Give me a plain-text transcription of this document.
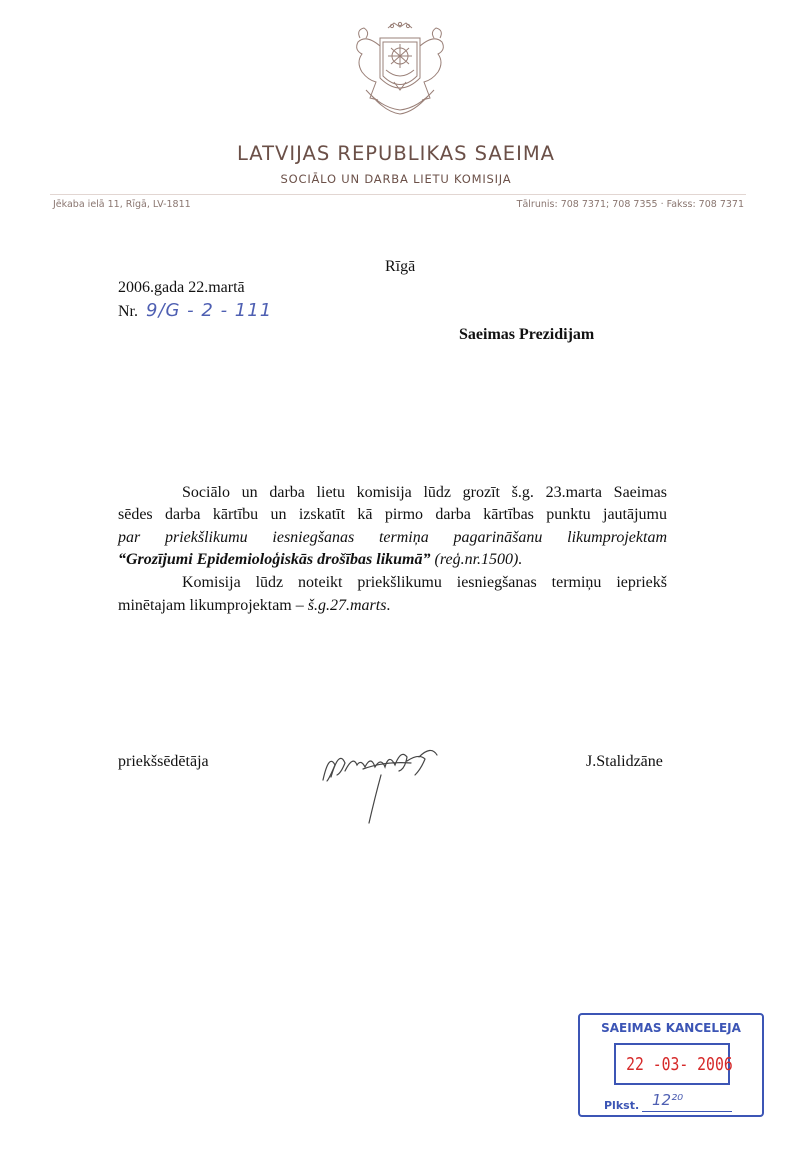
LATVIJAS REPUBLIKAS SAEIMA
SOCIĀLO UN DARBA LIETU KOMISIJA
Jēkaba ielā 11, Rīgā, LV-1811	Tālrunis: 708 7371; 708 7355 · Fakss: 708 7371
Rīgā
2006.gada 22.martā
Nr. 9/G - 2 - 111
Saeimas Prezidijam
Sociālo un darba lietu komisija lūdz grozīt š.g. 23.marta Saeimas
sēdes darba kārtību un izskatīt kā pirmo darba kārtības punktu jautājumu
par priekšlikumu iesniegšanas termiņa pagarināšanu likumprojektam
“Grozījumi Epidemioloģiskās drošības likumā” (reģ.nr.1500).
Komisija lūdz noteikt priekšlikumu iesniegšanas termiņu iepriekš
minētajam likumprojektam – š.g.27.marts.
priekšsēdētāja	J.Stalidzāne
SAEIMAS KANCELEJA
22 -03- 2006
Plkst. 12²⁰
